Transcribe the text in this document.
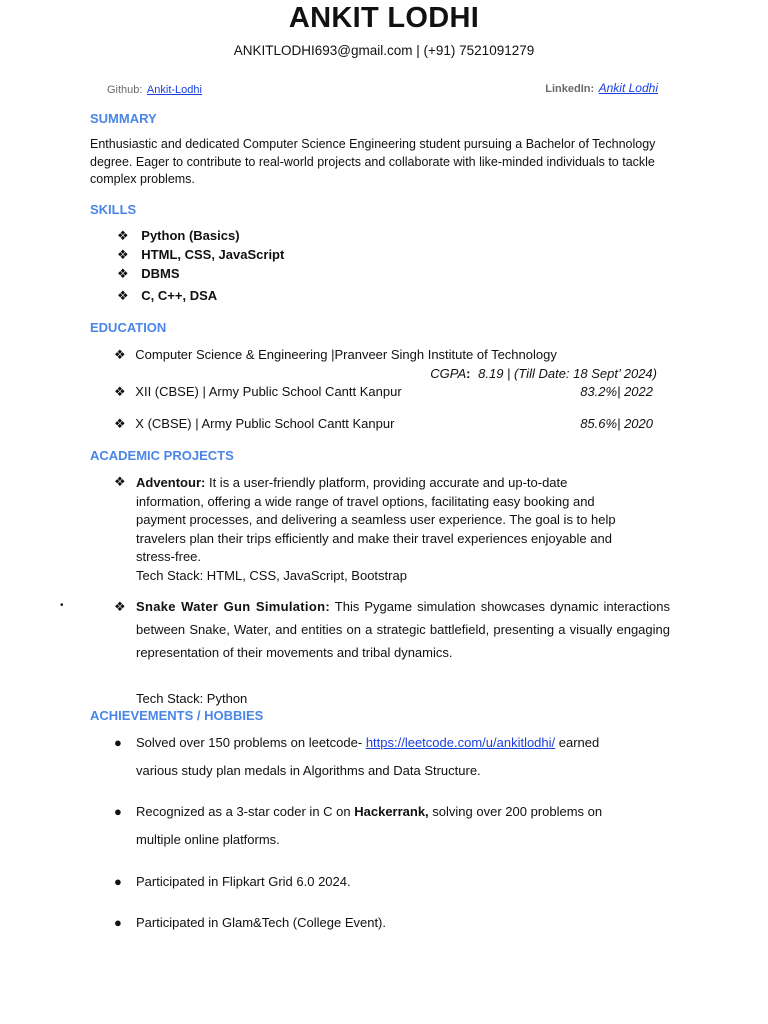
ANKIT LODHI
ANKITLODHI693@gmail.com | (+91) 7521091279
Github: Ankit-Lodhi	LinkedIn: Ankit Lodhi
SUMMARY
Enthusiastic and dedicated Computer Science Engineering student pursuing a Bachelor of Technology degree. Eager to contribute to real-world projects and collaborate with like-minded individuals to tackle complex problems.
SKILLS
❖ Python (Basics)
❖ HTML, CSS, JavaScript
❖ DBMS
❖ C, C++, DSA
EDUCATION
❖ Computer Science & Engineering |Pranveer Singh Institute of Technology
CGPA: 8.19 | (Till Date: 18 Sept’ 2024)
❖ XII (CBSE) | Army Public School Cantt Kanpur	83.2%| 2022
❖ X (CBSE) | Army Public School Cantt Kanpur	85.6%| 2020
ACADEMIC PROJECTS
❖ Adventour: It is a user-friendly platform, providing accurate and up-to-date
information, offering a wide range of travel options, facilitating easy booking and
payment processes, and delivering a seamless user experience. The goal is to help
travelers plan their trips efficiently and make their travel experiences enjoyable and
stress-free.
Tech Stack: HTML, CSS, JavaScript, Bootstrap
•	❖ Snake Water Gun Simulation: This Pygame simulation showcases dynamic interactions between Snake, Water, and entities on a strategic battlefield, presenting a visually engaging representation of their movements and tribal dynamics.
Tech Stack: Python
ACHIEVEMENTS / HOBBIES
● Solved over 150 problems on leetcode- https://leetcode.com/u/ankitlodhi/ earned
various study plan medals in Algorithms and Data Structure.
● Recognized as a 3-star coder in C on Hackerrank, solving over 200 problems on
multiple online platforms.
● Participated in Flipkart Grid 6.0 2024.
● Participated in Glam&Tech (College Event).
